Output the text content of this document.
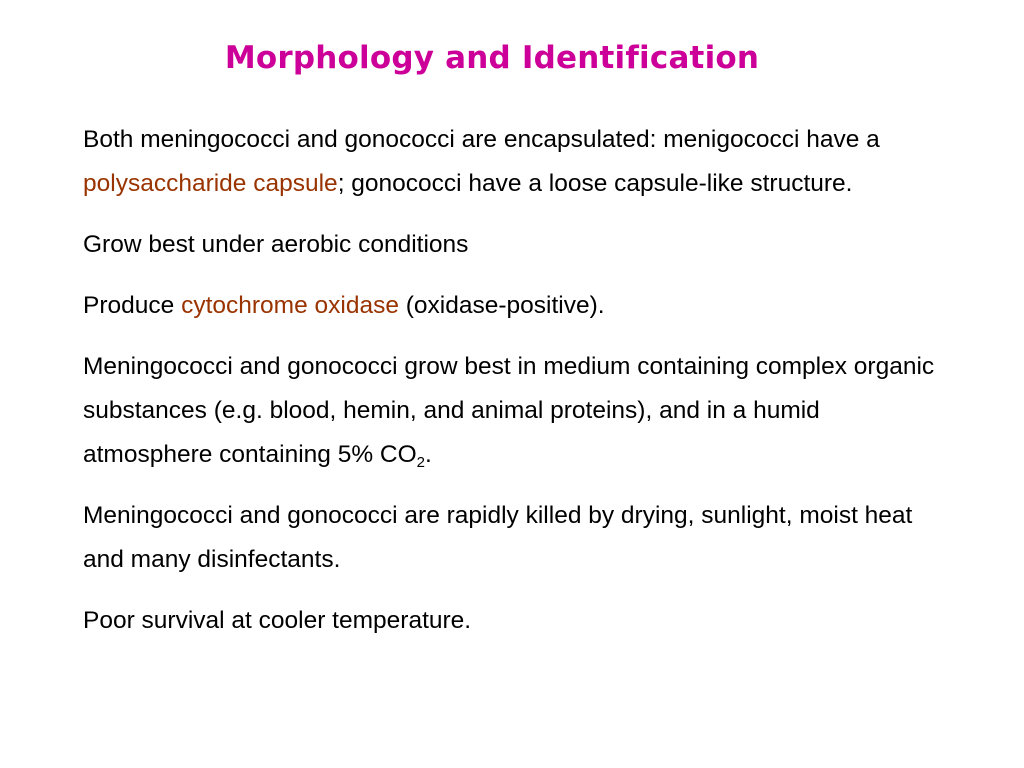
Morphology and Identification

Both meningococci and gonococci are encapsulated: menigococci have a polysaccharide capsule; gonococci have a loose capsule-like structure.

Grow best under aerobic conditions

Produce cytochrome oxidase (oxidase-positive).

Meningococci and gonococci grow best in medium containing complex organic substances (e.g. blood, hemin, and animal proteins), and in a humid atmosphere containing 5% $CO_2$.

Meningococci and gonococci are rapidly killed by drying, sunlight, moist heat and many disinfectants.

Poor survival at cooler temperature.
